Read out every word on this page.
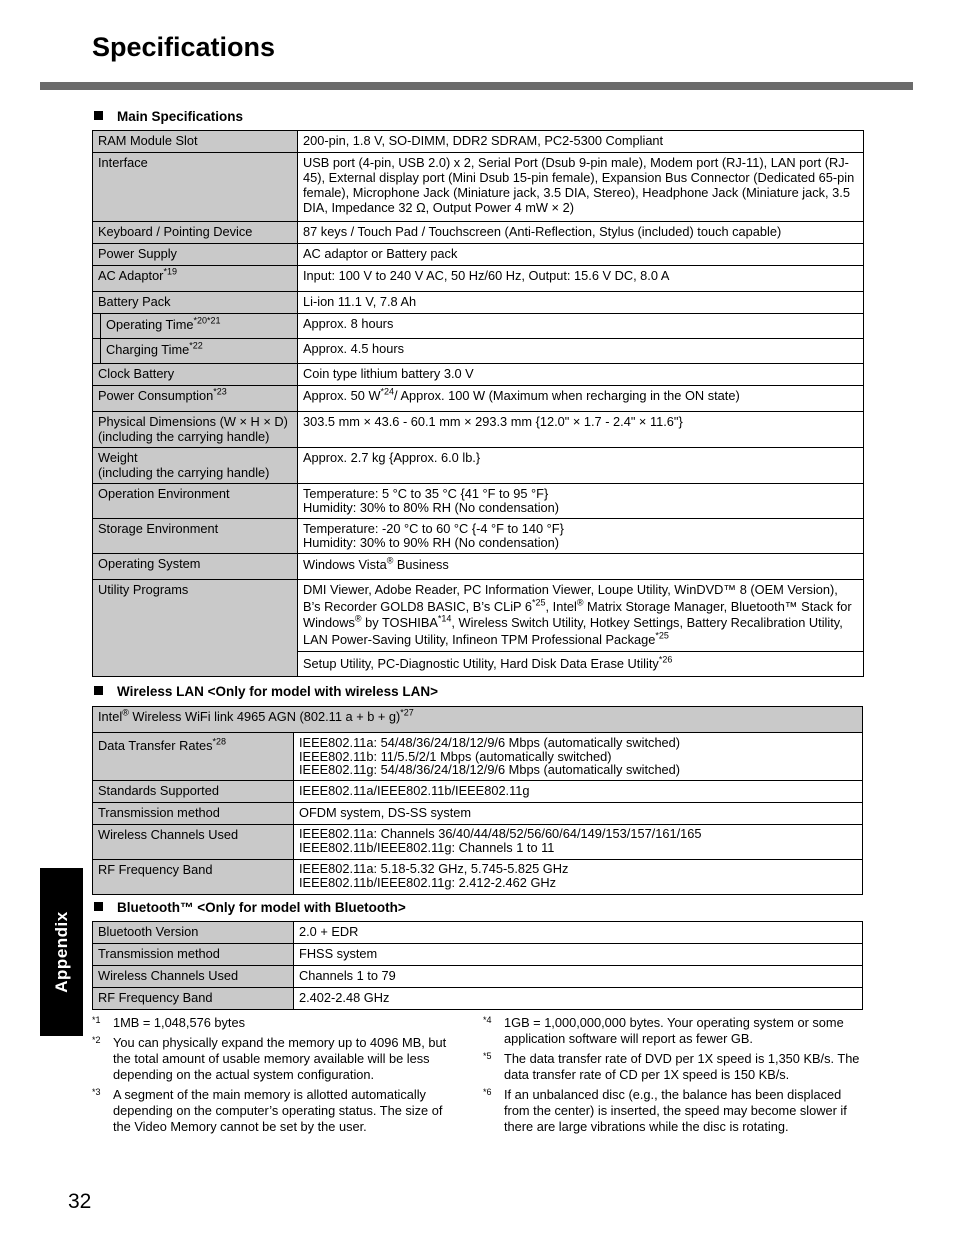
Specifications
Main Specifications
RAM Module Slot	200-pin, 1.8 V, SO-DIMM, DDR2 SDRAM, PC2-5300 Compliant
Interface	USB port (4-pin, USB 2.0) x 2, Serial Port (Dsub 9-pin male), Modem port (RJ-11), LAN port (RJ-45), External display port (Mini Dsub 15-pin female), Expansion Bus Connector (Dedicated 65-pin female), Microphone Jack (Miniature jack, 3.5 DIA, Stereo), Headphone Jack (Miniature jack, 3.5 DIA, Impedance 32 Ω, Output Power 4 mW × 2)
Keyboard / Pointing Device	87 keys / Touch Pad / Touchscreen (Anti-Reflection, Stylus (included) touch capable)
Power Supply	AC adaptor or Battery pack
AC Adaptor$^{*19}$	Input: 100 V to 240 V AC, 50 Hz/60 Hz, Output: 15.6 V DC, 8.0 A
Battery Pack	Li-ion 11.1 V, 7.8 Ah

Operating Time$^{*20*21}$	Approx. 8 hours

Charging Time$^{*22}$	Approx. 4.5 hours
Clock Battery	Coin type lithium battery 3.0 V
Power Consumption$^{*23}$	Approx. 50 $W^{*24}/$ Approx. 100 W (Maximum when recharging in the ON state)

Physical Dimensions (W × H × D)
(including the carrying handle)	303.5 mm × 43.6 - 60.1 mm × 293.3 mm {12.0" × 1.7 - 2.4" × 11.6"}

Weight
(including the carrying handle)	Approx. 2.7 kg {Approx. 6.0 lb.}
Operation Environment	Temperature: 5 °C to 35 °C {41 °F to 95 °F}
Humidity: 30% to 80% RH (No condensation)

Storage Environment	Temperature: -20 °C to 60 °C {-4 °F to 140 °F}
Humidity: 30% to 90% RH (No condensation)

Operating System	Windows Vista® Business
Utility Programs	DMI Viewer, Adobe Reader, PC Information Viewer, Loupe Utility, WinDVD™ 8 (OEM Version), B’s Recorder GOLD8 BASIC, B’s CLiP 6$^{*25}$, Intel® Matrix Storage Manager, Bluetooth™ Stack for Windows® by TOSHIBA$^{*14}$, Wireless Switch Utility, Hotkey Settings, Battery Recalibration Utility, LAN Power-Saving Utility, Infineon TPM Professional Package$^{*25}$
	Setup Utility, PC-Diagnostic Utility, Hard Disk Data Erase Utility$^{*26}$
Wireless LAN <Only for model with wireless LAN>
Intel® Wireless WiFi link 4965 AGN (802.11 a + b + g)$^{*27}$
Data Transfer Rates$^{*28}$	IEEE802.11a: 54/48/36/24/18/12/9/6 Mbps (automatically switched)
IEEE802.11b: 11/5.5/2/1 Mbps (automatically switched)
IEEE802.11g: 54/48/36/24/18/12/9/6 Mbps (automatically switched)

Standards Supported	IEEE802.11a/IEEE802.11b/IEEE802.11g
Transmission method	OFDM system, DS-SS system
Wireless Channels Used	IEEE802.11a: Channels 36/40/44/48/52/56/60/64/149/153/157/161/165
IEEE802.11b/IEEE802.11g: Channels 1 to 11

RF Frequency Band	IEEE802.11a: 5.18-5.32 GHz, 5.745-5.825 GHz
IEEE802.11b/IEEE802.11g: 2.412-2.462 GHz
Bluetooth™ <Only for model with Bluetooth>
Bluetooth Version	2.0 + EDR
Transmission method	FHSS system
Wireless Channels Used	Channels 1 to 79
RF Frequency Band	2.402-2.48 GHz
Appendix
*1 1MB = 1,048,576 bytes
*2 You can physically expand the memory up to 4096 MB, but the total amount of usable memory available will be less depending on the actual system configuration.
*3 A segment of the main memory is allotted automatically depending on the computer’s operating status. The size of the Video Memory cannot be set by the user.
*4 1GB = 1,000,000,000 bytes. Your operating system or some application software will report as fewer GB.
*5 The data transfer rate of DVD per 1X speed is 1,350 KB/s. The data transfer rate of CD per 1X speed is 150 KB/s.
*6 If an unbalanced disc (e.g., the balance has been displaced from the center) is inserted, the speed may become slower if there are large vibrations while the disc is rotating.
32
